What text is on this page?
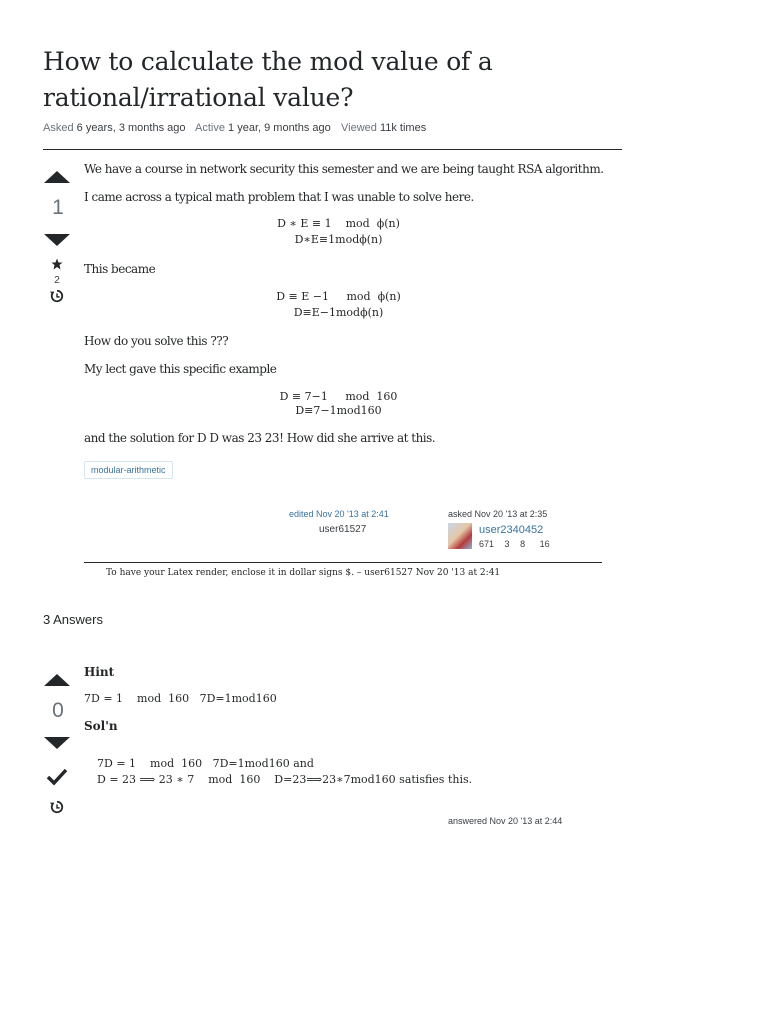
How to calculate the mod value of a rational/irrational value?
Asked 6 years, 3 months ago Active 1 year, 9 months ago Viewed 11k times
1
2
We have a course in network security this semester and we are being taught RSA algorithm.
I came across a typical math problem that I was unable to solve here.
D ∗ E ≡ 1    mod  ϕ(n)
D∗E≡1modϕ(n)
This became
D ≡ E −1     mod  ϕ(n)
D≡E−1modϕ(n)
How do you solve this ???
My lect gave this specific example
D ≡ 7−1     mod  160
D≡7−1mod160
and the solution for D D was 23 23! How did she arrive at this.
modular-arithmetic
edited Nov 20 '13 at 2:41
user61527
asked Nov 20 '13 at 2:35
user2340452
671 3 8 16
To have your Latex render, enclose it in dollar signs $. – user61527 Nov 20 '13 at 2:41
3 Answers
0
Hint
7D = 1    mod  160   7D=1mod160
Sol'n
7D = 1    mod  160   7D=1mod160 and
D = 23 ⟹ 23 ∗ 7    mod  160    D=23⟹23∗7mod160 satisfies this.
answered Nov 20 '13 at 2:44
